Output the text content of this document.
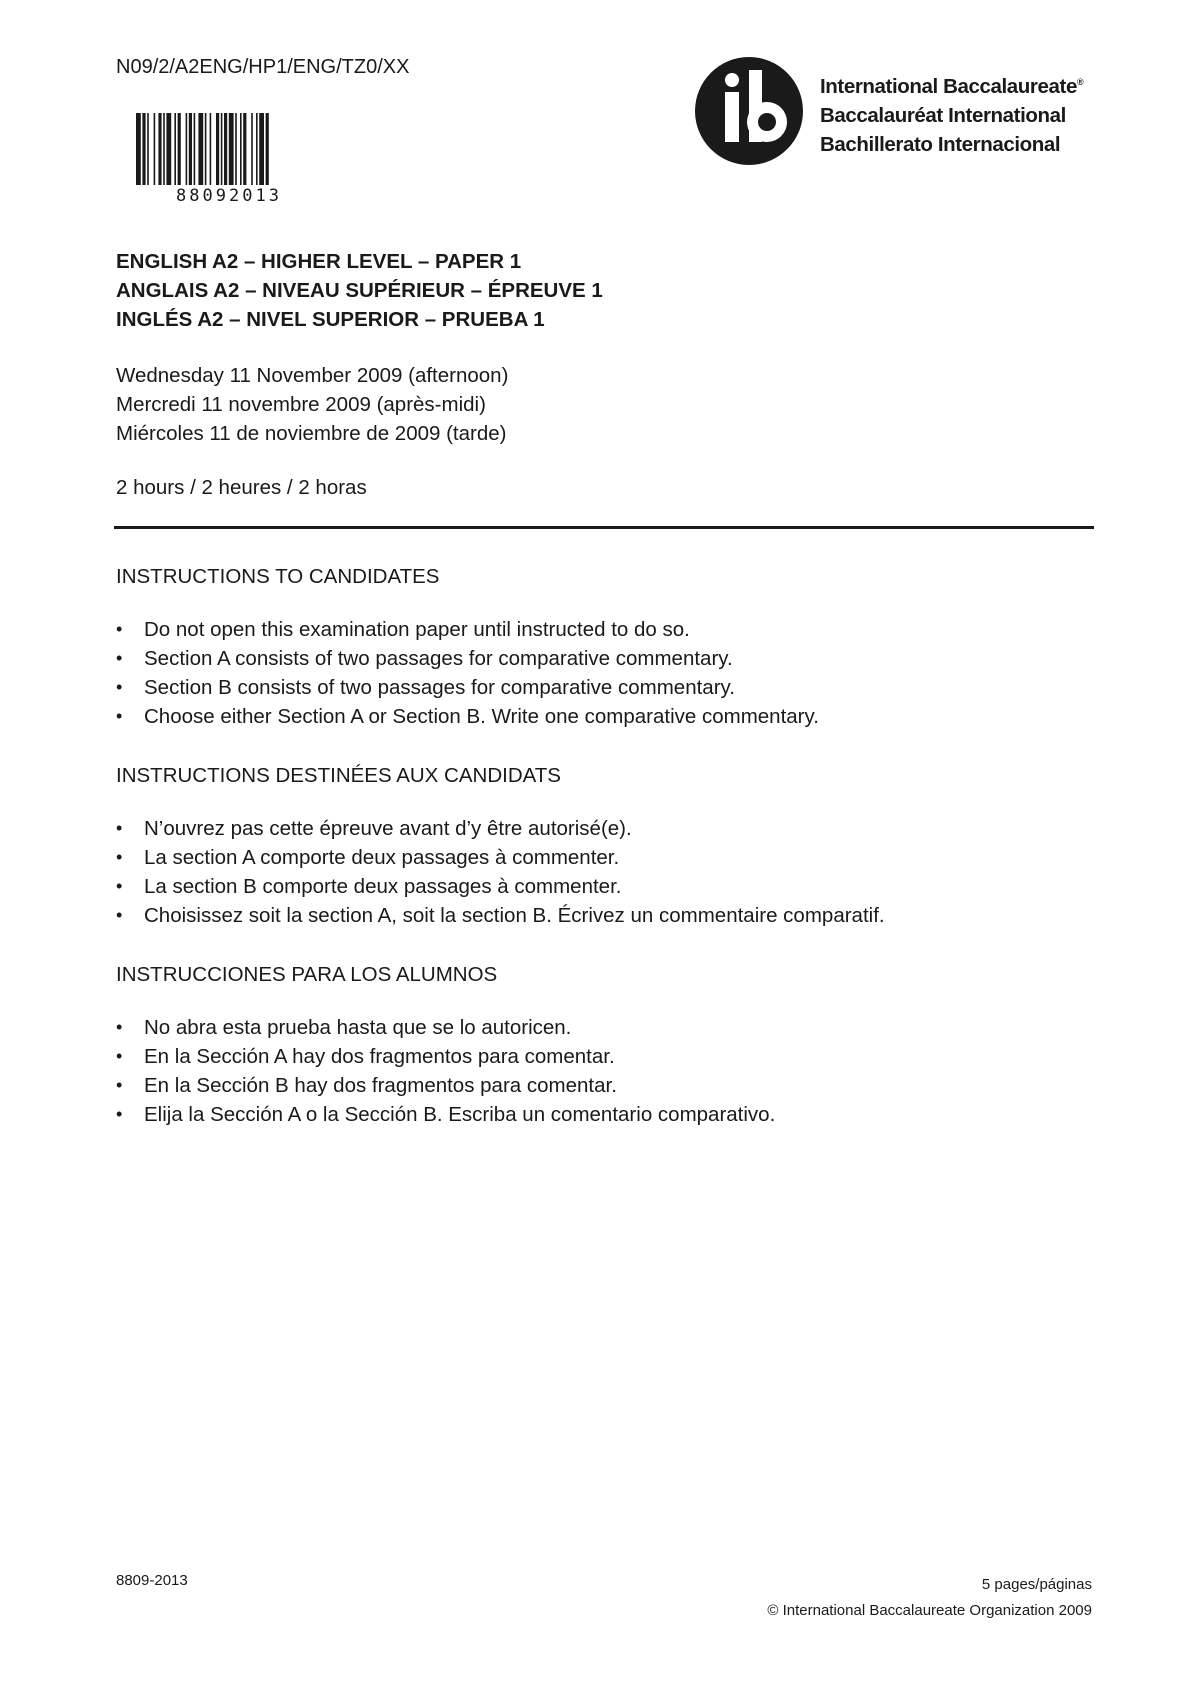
N09/2/A2ENG/HP1/ENG/TZ0/XX
88092013
International Baccalaureate®
Baccalauréat International
Bachillerato Internacional
ENGLISH A2 – HIGHER LEVEL – PAPER 1
ANGLAIS A2 – NIVEAU SUPÉRIEUR – ÉPREUVE 1
INGLÉS A2 – NIVEL SUPERIOR – PRUEBA 1
Wednesday 11 November 2009 (afternoon)
Mercredi 11 novembre 2009 (après-midi)
Miércoles 11 de noviembre de 2009 (tarde)
2 hours / 2 heures / 2 horas
INSTRUCTIONS TO CANDIDATES
• Do not open this examination paper until instructed to do so.
• Section A consists of two passages for comparative commentary.
• Section B consists of two passages for comparative commentary.
• Choose either Section A or Section B. Write one comparative commentary.
INSTRUCTIONS DESTINÉES AUX CANDIDATS
• N’ouvrez pas cette épreuve avant d’y être autorisé(e).
• La section A comporte deux passages à commenter.
• La section B comporte deux passages à commenter.
• Choisissez soit la section A, soit la section B. Écrivez un commentaire comparatif.
INSTRUCCIONES PARA LOS ALUMNOS
• No abra esta prueba hasta que se lo autoricen.
• En la Sección A hay dos fragmentos para comentar.
• En la Sección B hay dos fragmentos para comentar.
• Elija la Sección A o la Sección B. Escriba un comentario comparativo.
8809-2013	5 pages/páginas
© International Baccalaureate Organization 2009
